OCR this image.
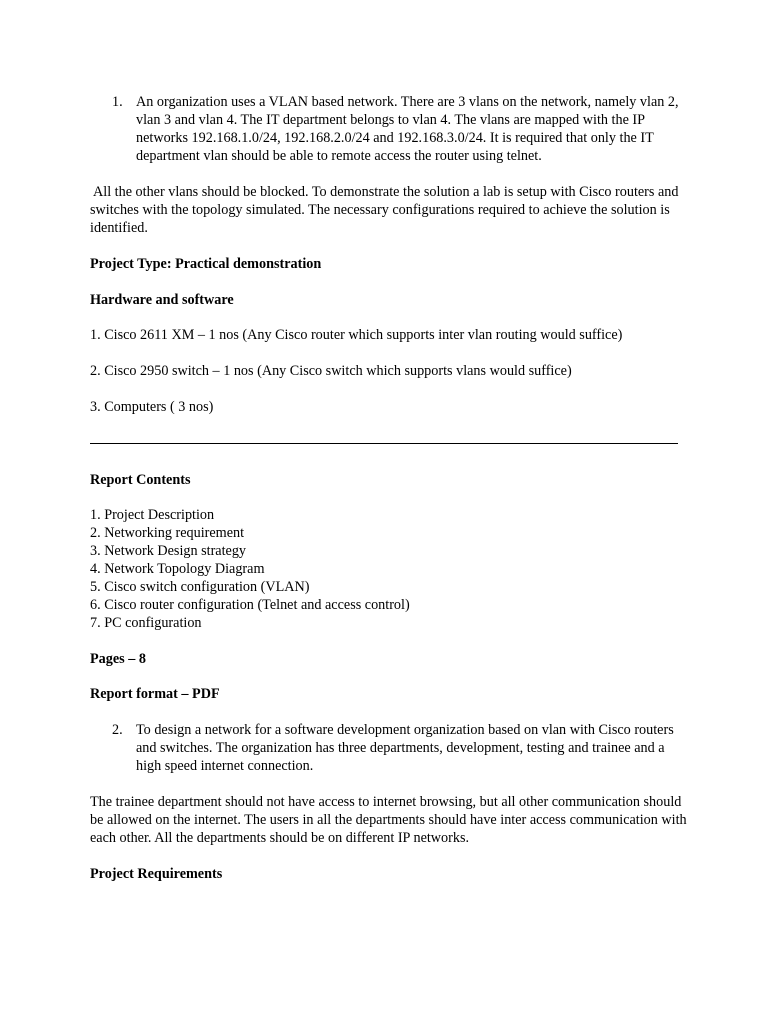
1. An organization uses a VLAN based network. There are 3 vlans on the network, namely vlan 2, vlan 3 and vlan 4. The IT department belongs to vlan 4. The vlans are mapped with the IP networks 192.168.1.0/24, 192.168.2.0/24 and 192.168.3.0/24. It is required that only the IT department vlan should be able to remote access the router using telnet.

All the other vlans should be blocked. To demonstrate the solution a lab is setup with Cisco routers and switches with the topology simulated. The necessary configurations required to achieve the solution is identified.

Project Type: Practical demonstration

Hardware and software

1. Cisco 2611 XM – 1 nos (Any Cisco router which supports inter vlan routing would suffice)

2. Cisco 2950 switch – 1 nos (Any Cisco switch which supports vlans would suffice)

3. Computers ( 3 nos)

Report Contents

1. Project Description
2. Networking requirement
3. Network Design strategy
4. Network Topology Diagram
5. Cisco switch configuration (VLAN)
6. Cisco router configuration (Telnet and access control)
7. PC configuration

Pages – 8

Report format – PDF

2. To design a network for a software development organization based on vlan with Cisco routers and switches. The organization has three departments, development, testing and trainee and a high speed internet connection.

The trainee department should not have access to internet browsing, but all other communication should be allowed on the internet. The users in all the departments should have inter access communication with each other. All the departments should be on different IP networks.

Project Requirements
